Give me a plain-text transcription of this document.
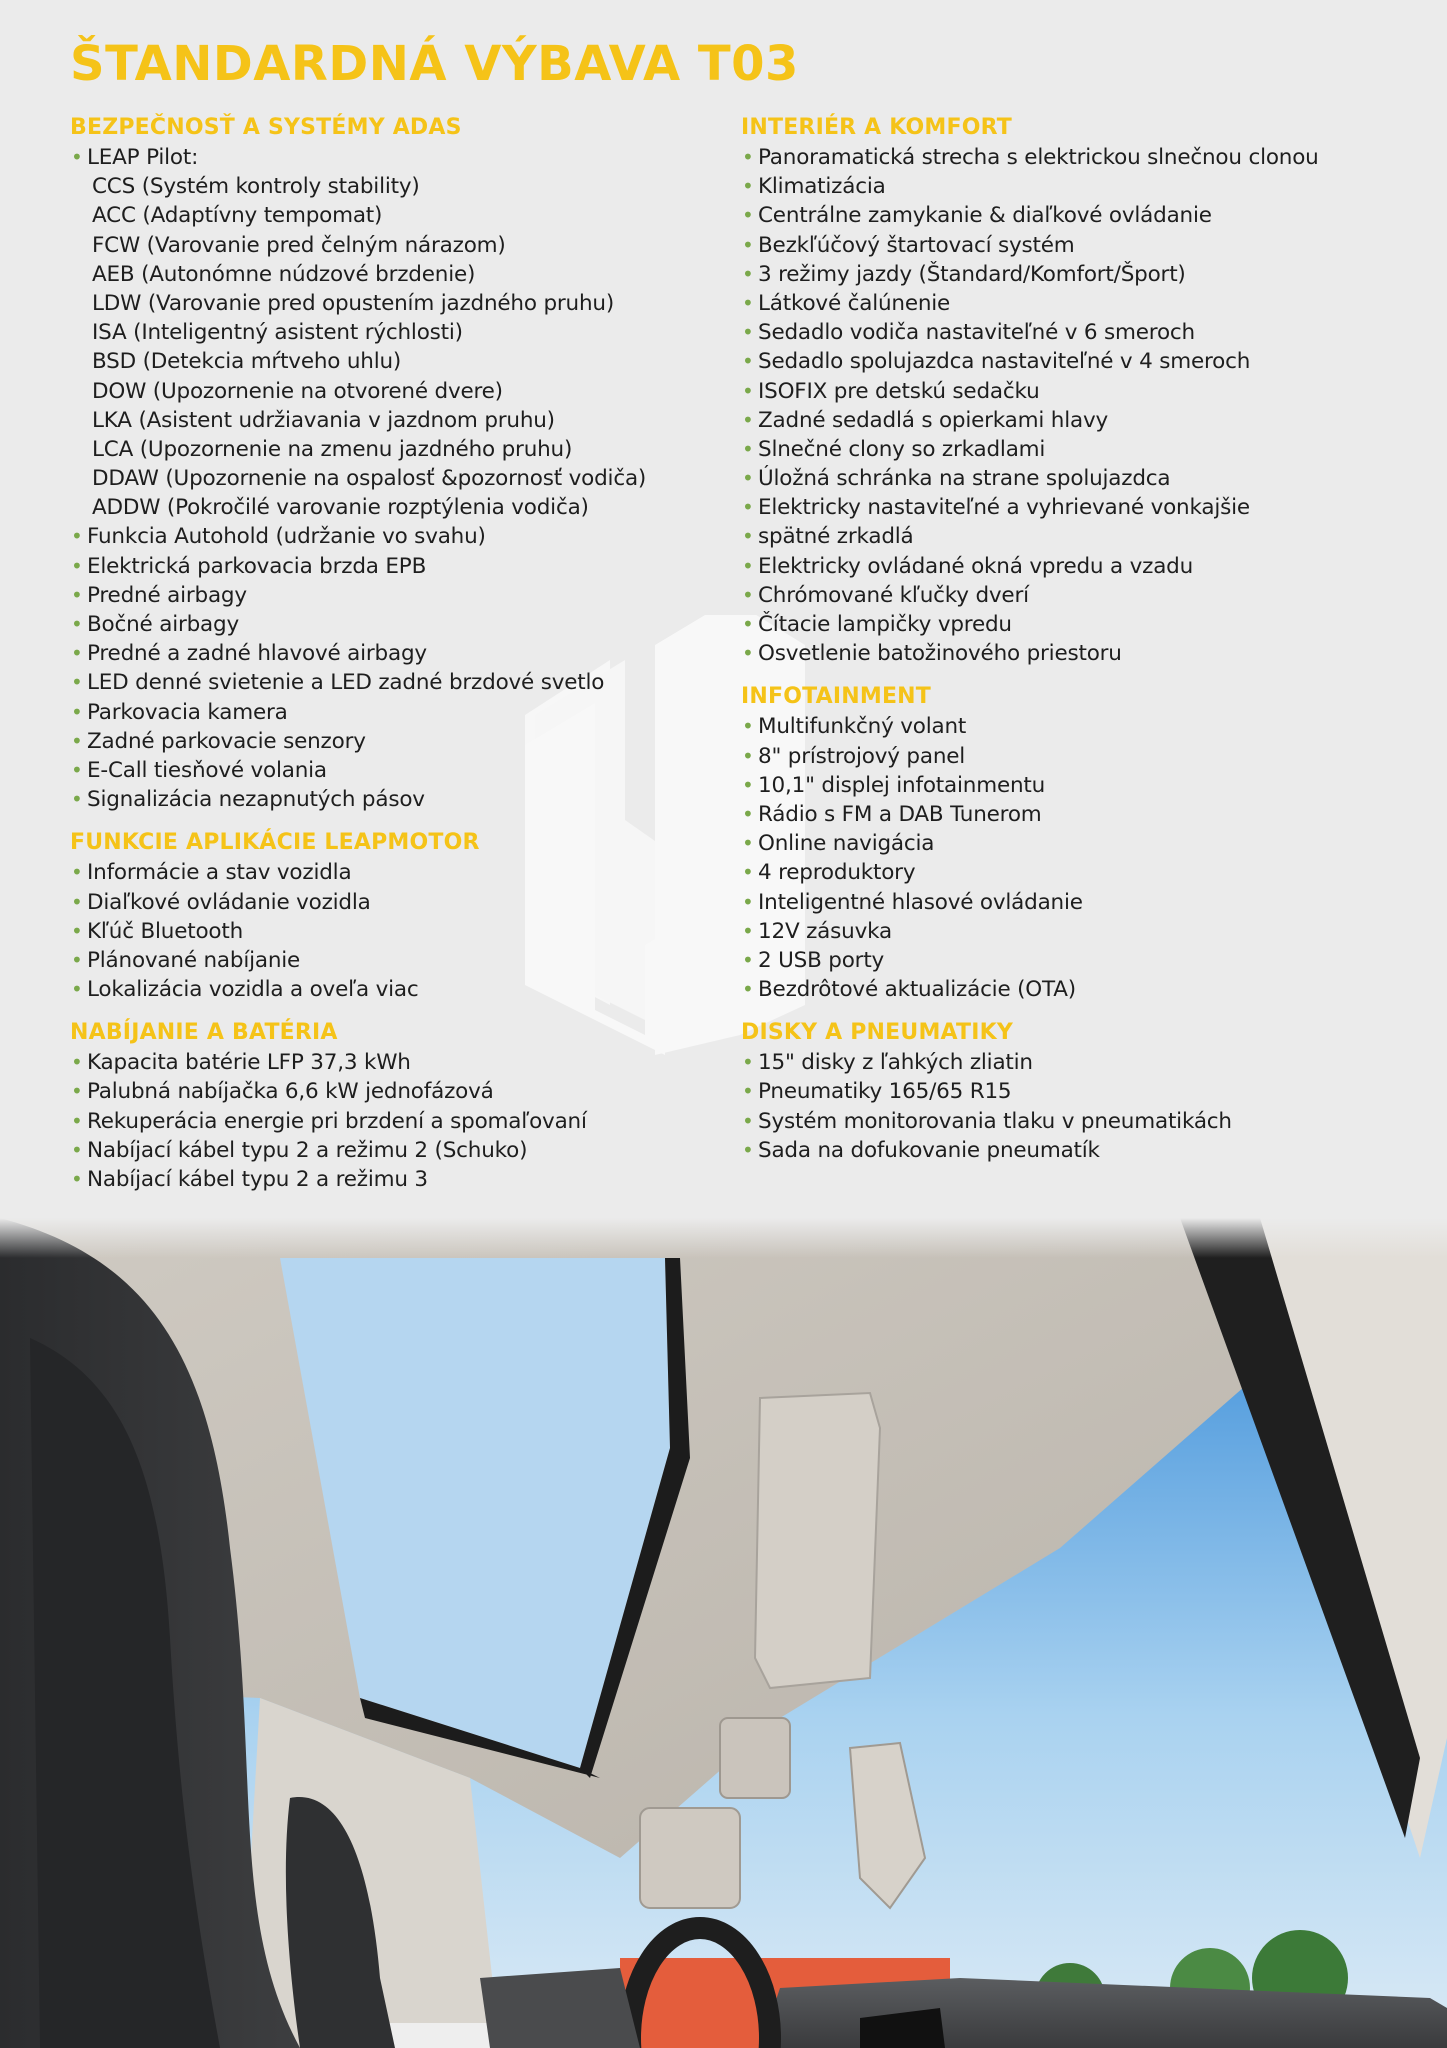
ŠTANDARDNÁ VÝBAVA T03
BEZPEČNOSŤ A SYSTÉMY ADAS
• LEAP Pilot:
CCS (Systém kontroly stability)
ACC (Adaptívny tempomat)
FCW (Varovanie pred čelným nárazom)
AEB (Autonómne núdzové brzdenie)
LDW (Varovanie pred opustením jazdného pruhu)
ISA (Inteligentný asistent rýchlosti)
BSD (Detekcia mŕtveho uhlu)
DOW (Upozornenie na otvorené dvere)
LKA (Asistent udržiavania v jazdnom pruhu)
LCA (Upozornenie na zmenu jazdného pruhu)
DDAW (Upozornenie na ospalosť &pozornosť vodiča)
ADDW (Pokročilé varovanie rozptýlenia vodiča)
• Funkcia Autohold (udržanie vo svahu)
• Elektrická parkovacia brzda EPB
• Predné airbagy
• Bočné airbagy
• Predné a zadné hlavové airbagy
• LED denné svietenie a LED zadné brzdové svetlo
• Parkovacia kamera
• Zadné parkovacie senzory
• E-Call tiesňové volania
• Signalizácia nezapnutých pásov
FUNKCIE APLIKÁCIE LEAPMOTOR
• Informácie a stav vozidla
• Diaľkové ovládanie vozidla
• Kľúč Bluetooth
• Plánované nabíjanie
• Lokalizácia vozidla a oveľa viac
NABÍJANIE A BATÉRIA
• Kapacita batérie LFP 37,3 kWh
• Palubná nabíjačka 6,6 kW jednofázová
• Rekuperácia energie pri brzdení a spomaľovaní
• Nabíjací kábel typu 2 a režimu 2 (Schuko)
• Nabíjací kábel typu 2 a režimu 3
INTERIÉR A KOMFORT
• Panoramatická strecha s elektrickou slnečnou clonou
• Klimatizácia
• Centrálne zamykanie & diaľkové ovládanie
• Bezkľúčový štartovací systém
• 3 režimy jazdy (Štandard/Komfort/Šport)
• Látkové čalúnenie
• Sedadlo vodiča nastaviteľné v 6 smeroch
• Sedadlo spolujazdca nastaviteľné v 4 smeroch
• ISOFIX pre detskú sedačku
• Zadné sedadlá s opierkami hlavy
• Slnečné clony so zrkadlami
• Úložná schránka na strane spolujazdca
• Elektricky nastaviteľné a vyhrievané vonkajšie
• spätné zrkadlá
• Elektricky ovládané okná vpredu a vzadu
• Chrómované kľučky dverí
• Čítacie lampičky vpredu
• Osvetlenie batožinového priestoru
INFOTAINMENT
• Multifunkčný volant
• 8" prístrojový panel
• 10,1" displej infotainmentu
• Rádio s FM a DAB Tunerom
• Online navigácia
• 4 reproduktory
• Inteligentné hlasové ovládanie
• 12V zásuvka
• 2 USB porty
• Bezdrôtové aktualizácie (OTA)
DISKY A PNEUMATIKY
• 15" disky z ľahkých zliatin
• Pneumatiky 165/65 R15
• Systém monitorovania tlaku v pneumatikách
• Sada na dofukovanie pneumatík
